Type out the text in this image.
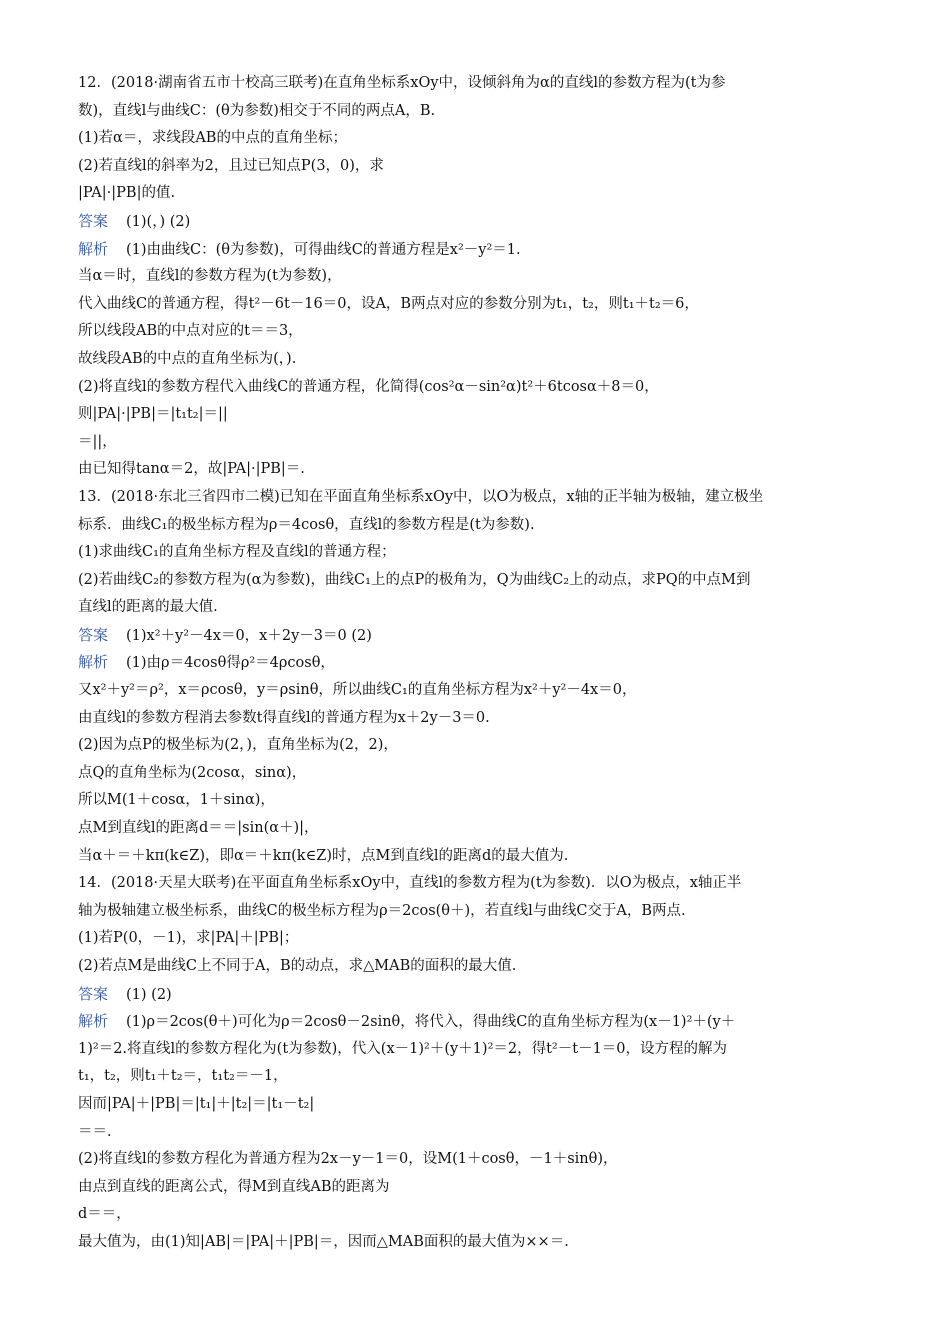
12．(2018·湖南省五市十校高三联考)在直角坐标系xOy中，设倾斜角为α的直线l的参数方程为(t为参
数)，直线l与曲线C：(θ为参数)相交于不同的两点A，B.
(1)若α＝，求线段AB的中点的直角坐标；
(2)若直线l的斜率为2，且过已知点P(3，0)，求
|PA|·|PB|的值.
答案 (1)(，) (2)
解析 (1)由曲线C：(θ为参数)，可得曲线C的普通方程是x²－y²＝1.
当α＝时，直线l的参数方程为(t为参数)，
代入曲线C的普通方程，得t²－6t－16＝0，设A，B两点对应的参数分别为t₁，t₂，则t₁＋t₂＝6，
所以线段AB的中点对应的t＝＝3，
故线段AB的中点的直角坐标为(，).
(2)将直线l的参数方程代入曲线C的普通方程，化简得(cos²α－sin²α)t²＋6tcosα＋8＝0，
则|PA|·|PB|＝|t₁t₂|＝||
＝||，
由已知得tanα＝2，故|PA|·|PB|＝.
13．(2018·东北三省四市二模)已知在平面直角坐标系xOy中，以O为极点，x轴的正半轴为极轴，建立极坐
标系．曲线C₁的极坐标方程为ρ＝4cosθ，直线l的参数方程是(t为参数).
(1)求曲线C₁的直角坐标方程及直线l的普通方程；
(2)若曲线C₂的参数方程为(α为参数)，曲线C₁上的点P的极角为，Q为曲线C₂上的动点，求PQ的中点M到
直线l的距离的最大值.
答案 (1)x²＋y²－4x＝0，x＋2y－3＝0 (2)
解析 (1)由ρ＝4cosθ得ρ²＝4ρcosθ，
又x²＋y²＝ρ²，x＝ρcosθ，y＝ρsinθ，所以曲线C₁的直角坐标方程为x²＋y²－4x＝0，
由直线l的参数方程消去参数t得直线l的普通方程为x＋2y－3＝0.
(2)因为点P的极坐标为(2，)，直角坐标为(2，2)，
点Q的直角坐标为(2cosα，sinα)，
所以M(1＋cosα，1＋sinα)，
点M到直线l的距离d＝＝|sin(α＋)|，
当α＋＝＋kπ(k∈Z)，即α＝＋kπ(k∈Z)时，点M到直线l的距离d的最大值为.
14．(2018·天星大联考)在平面直角坐标系xOy中，直线l的参数方程为(t为参数)．以O为极点，x轴正半
轴为极轴建立极坐标系，曲线C的极坐标方程为ρ＝2cos(θ＋)，若直线l与曲线C交于A，B两点.
(1)若P(0，－1)，求|PA|＋|PB|；
(2)若点M是曲线C上不同于A，B的动点，求△MAB的面积的最大值.
答案 (1) (2)
解析 (1)ρ＝2cos(θ＋)可化为ρ＝2cosθ－2sinθ，将代入，得曲线C的直角坐标方程为(x－1)²＋(y＋
1)²＝2.将直线l的参数方程化为(t为参数)，代入(x－1)²＋(y＋1)²＝2，得t²－t－1＝0，设方程的解为
t₁，t₂，则t₁＋t₂＝，t₁t₂＝－1，
因而|PA|＋|PB|＝|t₁|＋|t₂|＝|t₁－t₂|
＝＝.
(2)将直线l的参数方程化为普通方程为2x－y－1＝0，设M(1＋cosθ，－1＋sinθ)，
由点到直线的距离公式，得M到直线AB的距离为
d＝＝，
最大值为，由(1)知|AB|＝|PA|＋|PB|＝，因而△MAB面积的最大值为××＝.
